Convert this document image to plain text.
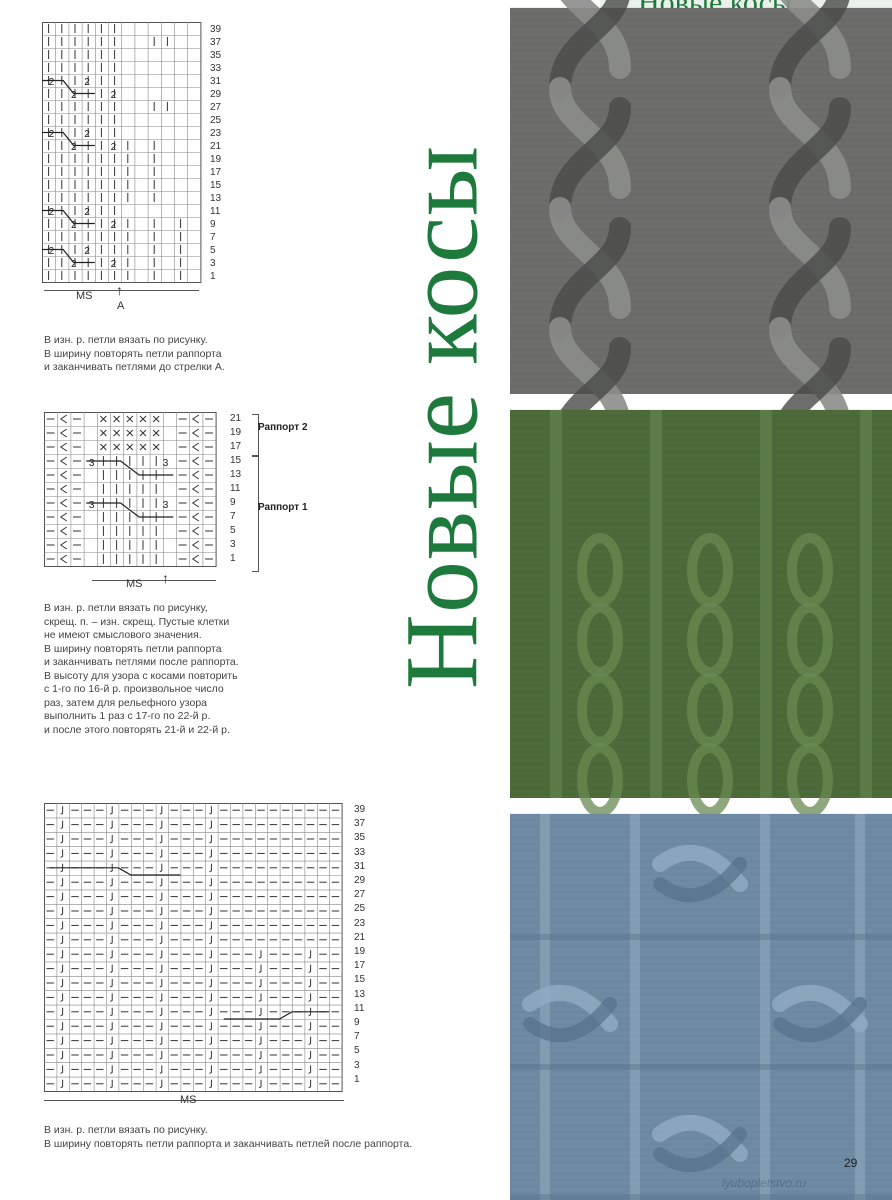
Новые косы
2	2
2	2
2	2
2	2
2	2
2	2
2	2
2	2
39
37
35
33
31
29
27
25
23
21
19
17
15
13
11
9
7
5
3
1
MS ↑
A
В изн. р. петли вязать по рисунку.
В ширину повторять петли раппорта
и заканчивать петлями до стрелки А.
3	3
3	3
21
19
17
15
13
11
9
7
5
3
1
Раппорт 2
Раппорт 1
MS ↑
В изн. р. петли вязать по рисунку,
скрещ. п. – изн. скрещ. Пустые клетки
не имеют смыслового значения.
В ширину повторять петли раппорта
и заканчивать петлями после раппорта.
В высоту для узора с косами повторить
с 1-го по 16-й р. произвольное число
раз, затем для рельефного узора
выполнить 1 раз с 17-го по 22-й р.
и после этого повторять 21-й и 22-й р.
39
37
35
33
31
29
27
25
23
21
19
17
15
13
11
9
7
5
3
1
MS
В изн. р. петли вязать по рисунку.
В ширину повторять петли раппорта и заканчивать петлей после раппорта.
29
lyubopletstvo.ru
